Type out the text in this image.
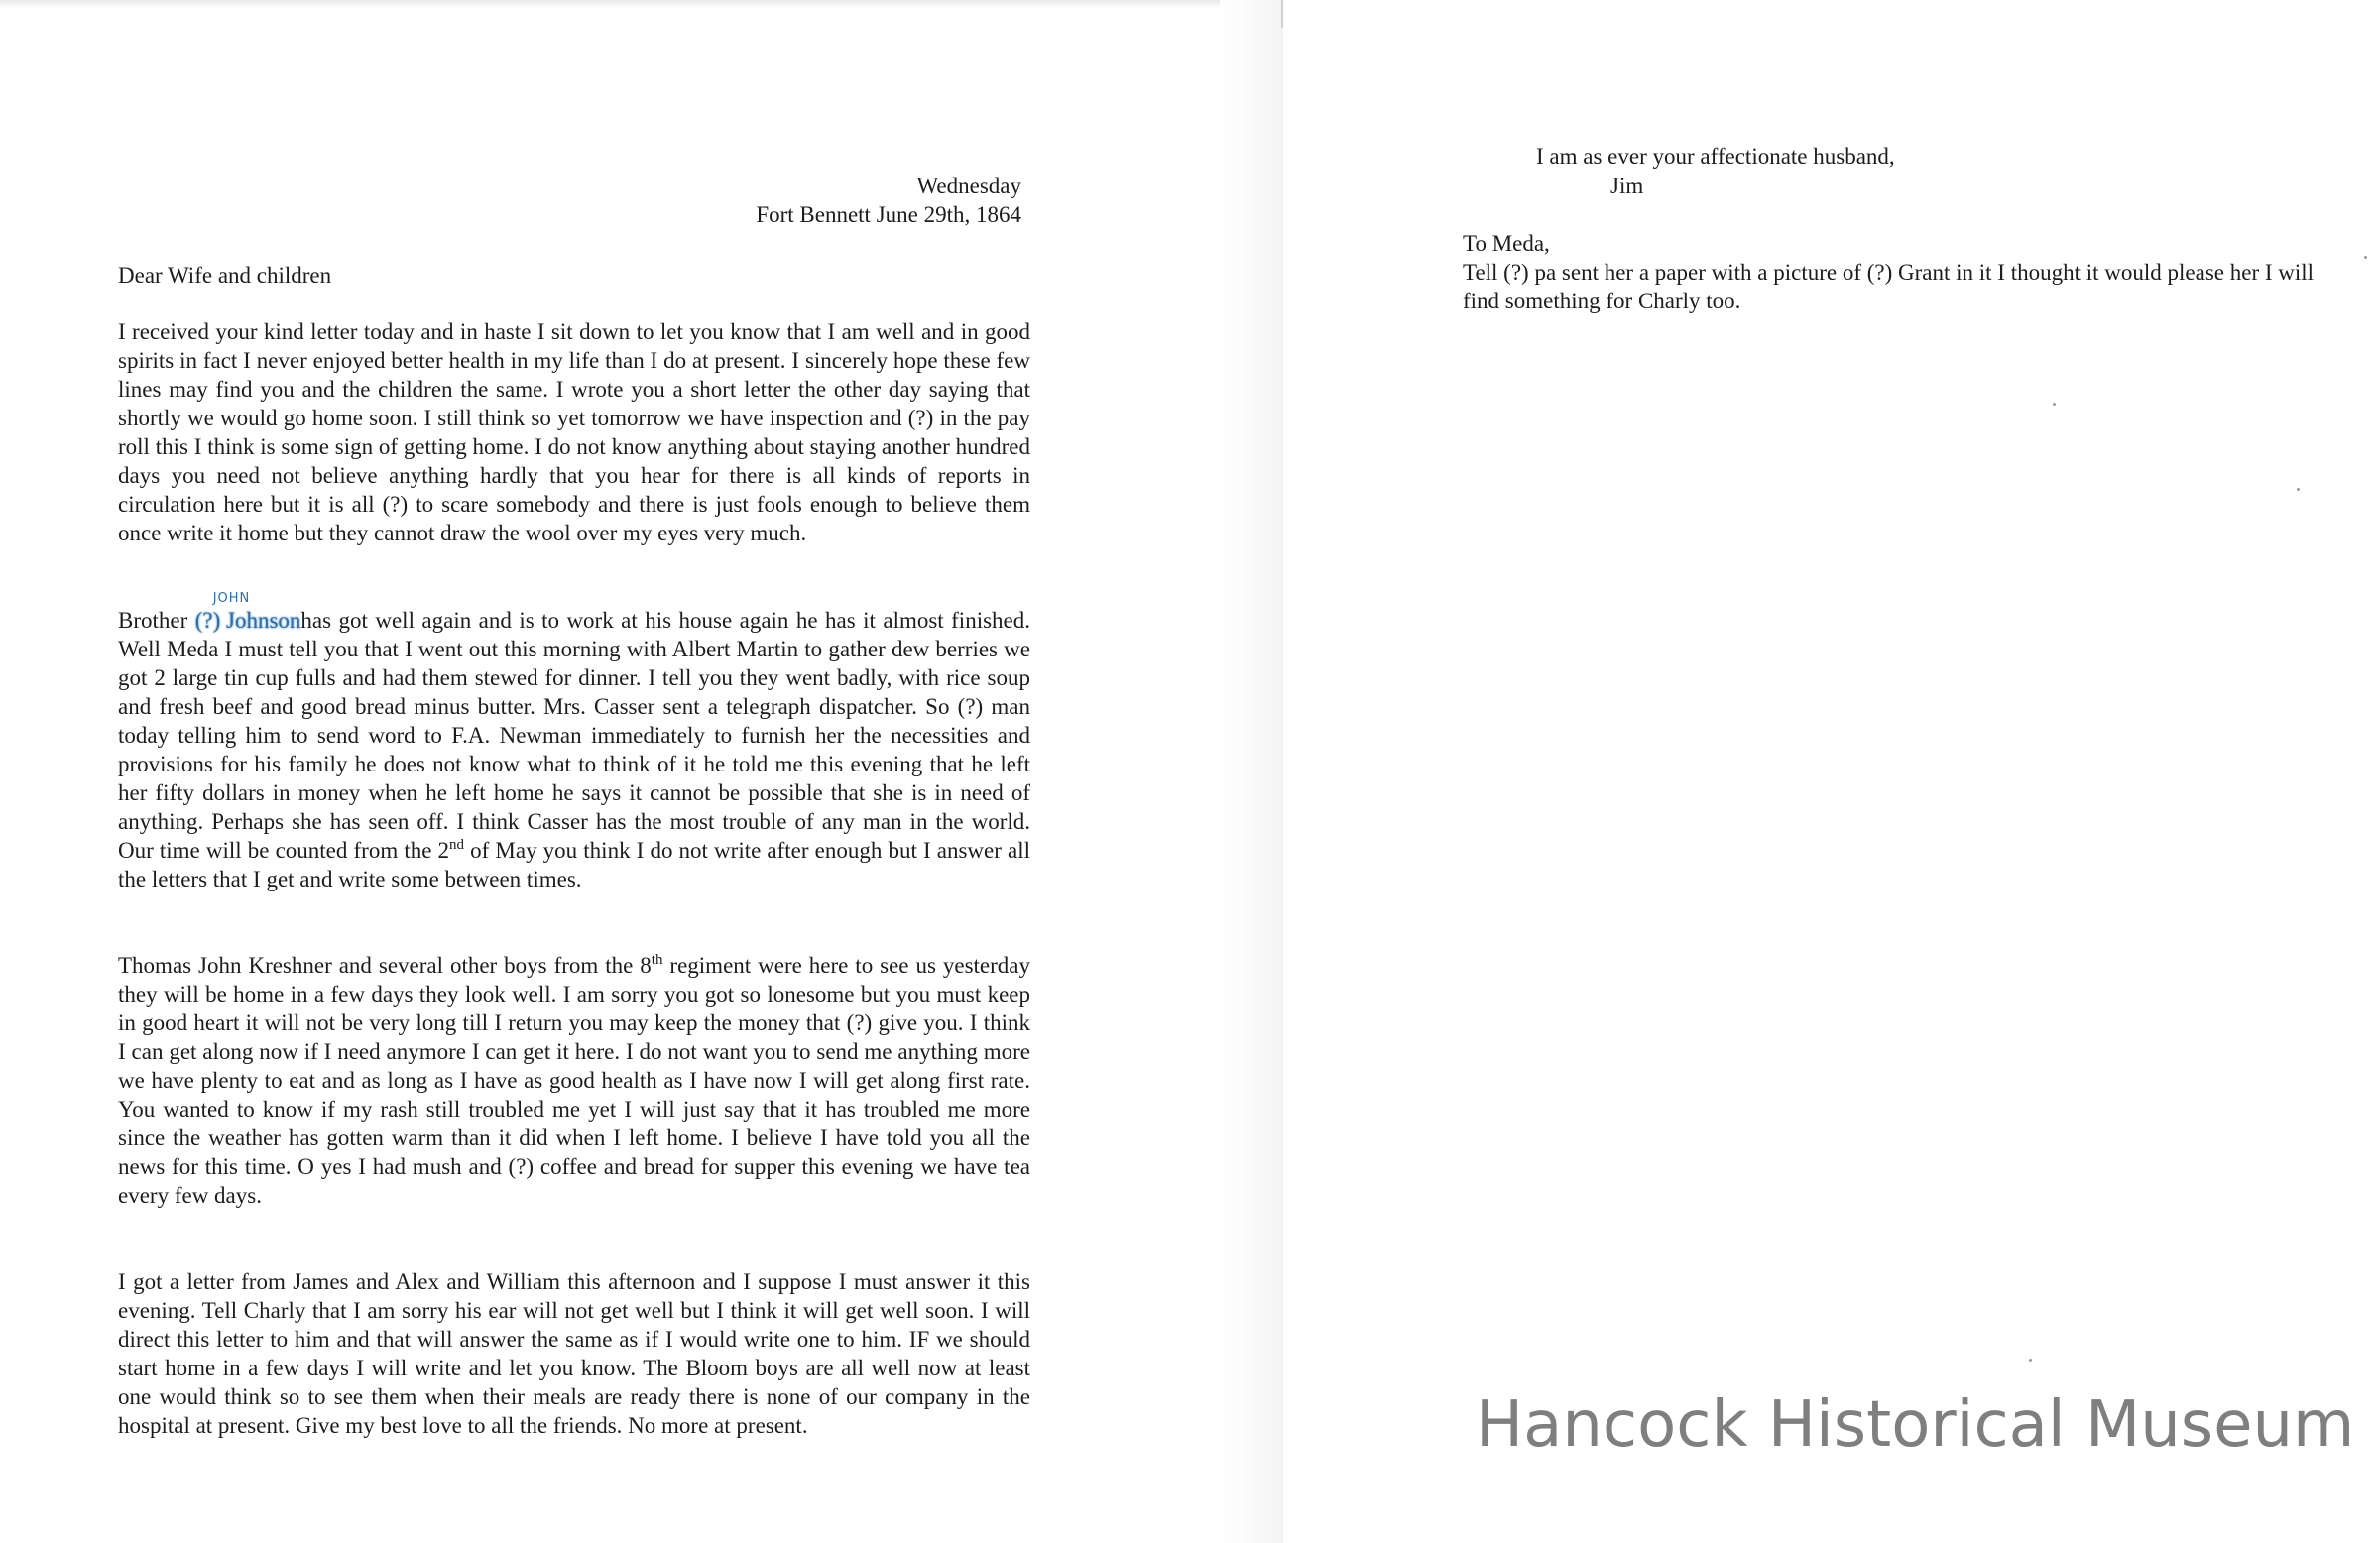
Wednesday
Fort Bennett June 29th, 1864
Dear Wife and children

I received your kind letter today and in haste I sit down to let you know that I am well and in good spirits in fact I never enjoyed better health in my life than I do at present. I sincerely hope these few lines may find you and the children the same. I wrote you a short letter the other day saying that shortly we would go home soon. I still think so yet tomorrow we have inspection and (?) in the pay roll this I think is some sign of getting home. I do not know anything about staying another hundred days you need not believe anything hardly that you hear for there is all kinds of reports in circulation here but it is all (?) to scare somebody and there is just fools enough to believe them once write it home but they cannot draw the wool over my eyes very much.

Brother
JOHN
(?) Johnsonhas got well again and is to work at his house again he has it almost finished. Well Meda I must tell you that I went out this morning with Albert Martin to gather dew berries we got 2 large tin cup fulls and had them stewed for dinner. I tell you they went badly, with rice soup and fresh beef and good bread minus butter. Mrs. Casser sent a telegraph dispatcher. So (?) man today telling him to send word to F.A. Newman immediately to furnish her the necessities and provisions for his family he does not know what to think of it he told me this evening that he left her fifty dollars in money when he left home he says it cannot be possible that she is in need of anything. Perhaps she has seen off. I think Casser has the most trouble of any man in the world. Our time will be counted from the 2nd of May you think I do not write after enough but I answer all the letters that I get and write some between times.

Thomas John Kreshner and several other boys from the 8th regiment were here to see us yesterday they will be home in a few days they look well. I am sorry you got so lonesome but you must keep in good heart it will not be very long till I return you may keep the money that (?) give you. I think I can get along now if I need anymore I can get it here. I do not want you to send me anything more we have plenty to eat and as long as I have as good health as I have now I will get along first rate. You wanted to know if my rash still troubled me yet I will just say that it has troubled me more since the weather has gotten warm than it did when I left home. I believe I have told you all the news for this time. O yes I had mush and (?) coffee and bread for supper this evening we have tea every few days.

I got a letter from James and Alex and William this afternoon and I suppose I must answer it this evening. Tell Charly that I am sorry his ear will not get well but I think it will get well soon. I will direct this letter to him and that will answer the same as if I would write one to him. IF we should start home in a few days I will write and let you know. The Bloom boys are all well now at least one would think so to see them when their meals are ready there is none of our company in the hospital at present. Give my best love to all the friends. No more at present.

I am as ever your affectionate husband,
Jim
To Meda,

Tell (?) pa sent her a paper with a picture of (?) Grant in it I thought it would please her I will find something for Charly too.

Hancock Historical Museum
